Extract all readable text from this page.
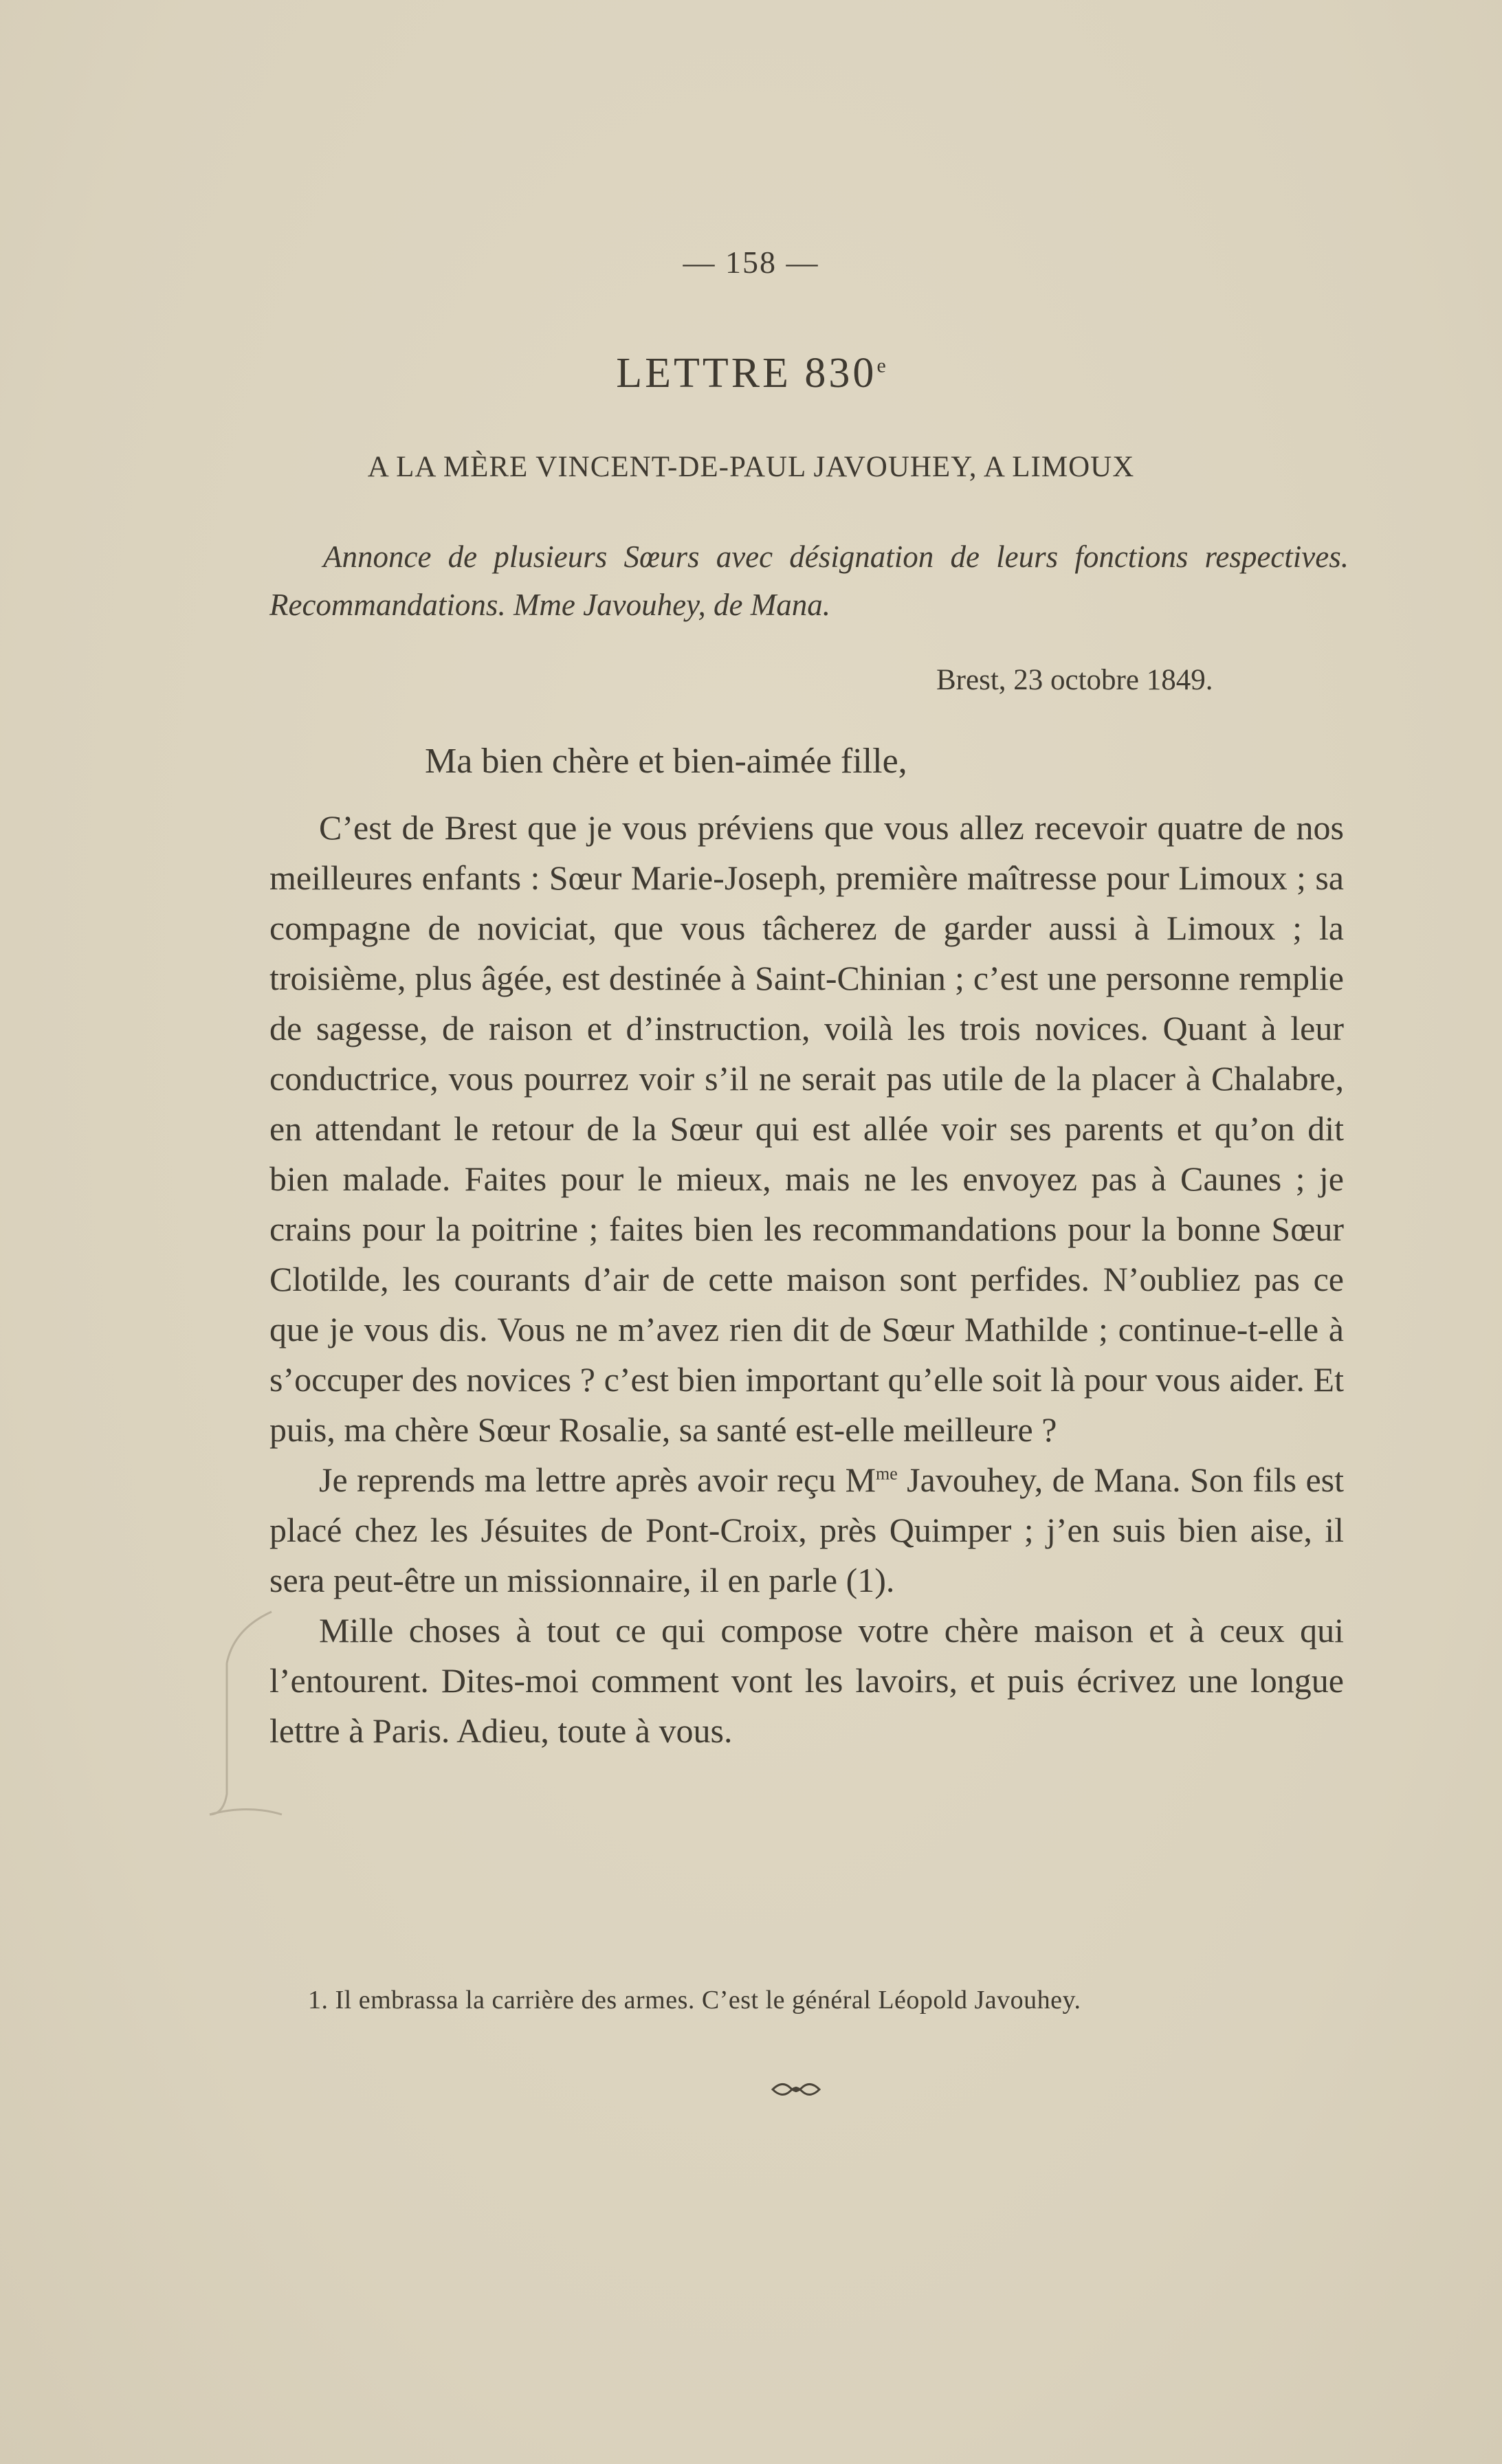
— 158 —
LETTRE 830e
A LA MÈRE VINCENT-DE-PAUL JAVOUHEY, A LIMOUX
Annonce de plusieurs Sœurs avec désignation de leurs fonctions respectives. Recommandations. Mme Javouhey, de Mana.
Brest, 23 octobre 1849.
Ma bien chère et bien-aimée fille,

C’est de Brest que je vous préviens que vous allez recevoir quatre de nos meilleures enfants : Sœur Marie-Joseph, première maîtresse pour Limoux ; sa compagne de noviciat, que vous tâcherez de garder aussi à Limoux ; la troisième, plus âgée, est destinée à Saint-Chinian ; c’est une personne remplie de sagesse, de raison et d’instruction, voilà les trois novices. Quant à leur conductrice, vous pourrez voir s’il ne serait pas utile de la placer à Chalabre, en attendant le retour de la Sœur qui est allée voir ses parents et qu’on dit bien malade. Faites pour le mieux, mais ne les envoyez pas à Caunes ; je crains pour la poitrine ; faites bien les recommandations pour la bonne Sœur Clotilde, les courants d’air de cette maison sont perfides. N’oubliez pas ce que je vous dis. Vous ne m’avez rien dit de Sœur Mathilde ; continue-t-elle à s’occuper des novices ? c’est bien important qu’elle soit là pour vous aider. Et puis, ma chère Sœur Rosalie, sa santé est-elle meilleure ?

Je reprends ma lettre après avoir reçu $M^{me}$ Javouhey, de Mana. Son fils est placé chez les Jésuites de Pont-Croix, près Quimper ; j’en suis bien aise, il sera peut-être un missionnaire, il en parle (1).

Mille choses à tout ce qui compose votre chère maison et à ceux qui l’entourent. Dites-moi comment vont les lavoirs, et puis écrivez une longue lettre à Paris. Adieu, toute à vous.

1. Il embrassa la carrière des armes. C’est le général Léopold Javouhey.
